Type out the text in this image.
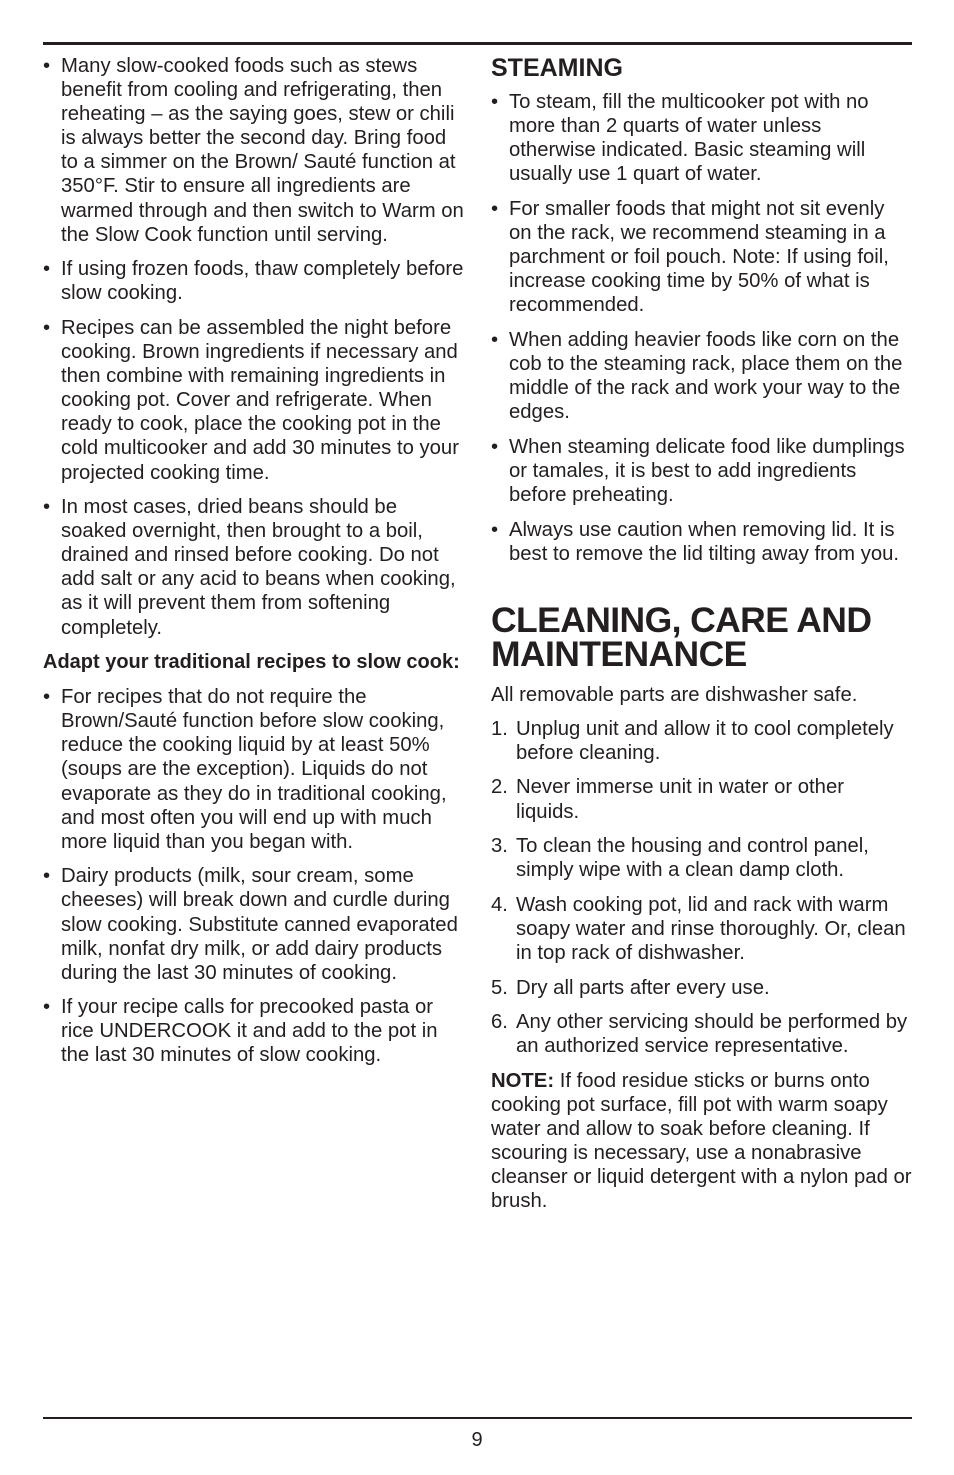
• Many slow-cooked foods such as stews benefit from cooling and refrigerating, then reheating – as the saying goes, stew or chili is always better the second day. Bring food to a simmer on the Brown/ Sauté function at 350°F. Stir to ensure all ingredients are warmed through and then switch to Warm on the Slow Cook function until serving.
• If using frozen foods, thaw completely before slow cooking.
• Recipes can be assembled the night before cooking. Brown ingredients if necessary and then combine with remaining ingredients in cooking pot. Cover and refrigerate. When ready to cook, place the cooking pot in the cold multicooker and add 30 minutes to your projected cooking time.
• In most cases, dried beans should be soaked overnight, then brought to a boil, drained and rinsed before cooking. Do not add salt or any acid to beans when cooking, as it will prevent them from softening completely.

Adapt your traditional recipes to slow cook:

• For recipes that do not require the Brown/Sauté function before slow cooking, reduce the cooking liquid by at least 50% (soups are the exception). Liquids do not evaporate as they do in traditional cooking, and most often you will end up with much more liquid than you began with.
• Dairy products (milk, sour cream, some cheeses) will break down and curdle during slow cooking. Substitute canned evaporated milk, nonfat dry milk, or add dairy products during the last 30 minutes of cooking.
• If your recipe calls for precooked pasta or rice UNDERCOOK it and add to the pot in the last 30 minutes of slow cooking.
STEAMING
• To steam, fill the multicooker pot with no more than 2 quarts of water unless otherwise indicated. Basic steaming will usually use 1 quart of water.
• For smaller foods that might not sit evenly on the rack, we recommend steaming in a parchment or foil pouch. Note: If using foil, increase cooking time by 50% of what is recommended.
• When adding heavier foods like corn on the cob to the steaming rack, place them on the middle of the rack and work your way to the edges.
• When steaming delicate food like dumplings or tamales, it is best to add ingredients before preheating.
• Always use caution when removing lid. It is best to remove the lid tilting away from you.
CLEANING, CARE AND
MAINTENANCE

All removable parts are dishwasher safe.

1. Unplug unit and allow it to cool completely before cleaning.
2. Never immerse unit in water or other liquids.
3. To clean the housing and control panel, simply wipe with a clean damp cloth.
4. Wash cooking pot, lid and rack with warm soapy water and rinse thoroughly. Or, clean in top rack of dishwasher.
5. Dry all parts after every use.
6. Any other servicing should be performed by an authorized service representative.

NOTE: If food residue sticks or burns onto cooking pot surface, fill pot with warm soapy water and allow to soak before cleaning. If scouring is necessary, use a nonabrasive cleanser or liquid detergent with a nylon pad or brush.

9
